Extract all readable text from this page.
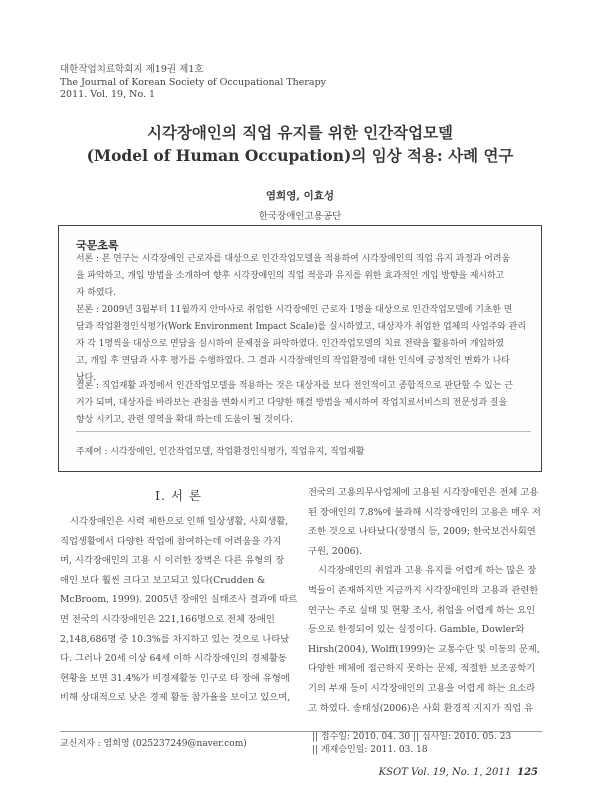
대한작업치료학회지 제19권 제1호
The Journal of Korean Society of Occupational Therapy
2011. Vol. 19, No. 1
시각장애인의 직업 유지를 위한 인간작업모델
(Model of Human Occupation)의 임상 적용: 사례 연구
염희영, 이효성
한국장애인고용공단
국문초록
서론 : 본 연구는 시각장애인 근로자를 대상으로 인간작업모델을 적용하여 시각장애인의 직업 유지 과정과 어려움
을 파악하고, 개입 방법을 소개하여 향후 시각장애인의 직업 적응과 유지를 위한 효과적인 개입 방향을 제시하고
자 하였다.
본론 : 2009년 3월부터 11월까지 안마사로 취업한 시각장애인 근로자 1명을 대상으로 인간작업모델에 기초한 면
담과 작업환경인식평가(Work Environment Impact Scale)를 실시하였고, 대상자가 취업한 업체의 사업주와 관리
자 각 1명씩을 대상으로 면담을 실시하여 문제점을 파악하였다. 인간작업모델의 치료 전략을 활용하여 개입하였
고, 개입 후 면담과 사후 평가를 수행하였다. 그 결과 시각장애인의 작업환경에 대한 인식에 긍정적인 변화가 나타
났다.
결론 : 직업재활 과정에서 인간작업모델을 적용하는 것은 대상자를 보다 전인적이고 종합적으로 판단할 수 있는 근
거가 되며, 대상자를 바라보는 관점을 변화시키고 다양한 해결 방법을 제시하여 작업치료서비스의 전문성과 질을
향상 시키고, 관련 영역을 확대 하는데 도움이 될 것이다.
주제어 : 시각장애인, 인간작업모델, 작업환경인식평가, 직업유지, 직업재활
Ⅰ. 서 론
시각장애인은 시력 제한으로 인해 일상생활, 사회생활,
직업생활에서 다양한 작업에 참여하는데 어려움을 가지
며, 시각장애인의 고용 시 이러한 장벽은 다른 유형의 장
애인 보다 훨씬 크다고 보고되고 있다(Crudden &
McBroom, 1999). 2005년 장애인 실태조사 결과에 따르
면 전국의 시각장애인은 221,166명으로 전체 장애인
2,148,686명 중 10.3%를 차지하고 있는 것으로 나타났
다. 그러나 20세 이상 64세 이하 시각장애인의 경제활동
현황을 보면 31.4%가 비경제활동 인구로 타 장애 유형에
비해 상대적으로 낮은 경제 활동 참가율을 보이고 있으며,
전국의 고용의무사업체에 고용된 시각장애인은 전체 고용
된 장애인의 7.8%에 불과해 시각장애인의 고용은 매우 저
조한 것으로 나타났다(장명식 등, 2009; 한국보건사회연
구원, 2006).
시각장애인의 취업과 고용 유지를 어렵게 하는 많은 장
벽들이 존재하지만 지금까지 시각장애인의 고용과 관련한
연구는 주로 실태 및 현황 조사, 취업을 어렵게 하는 요인
등으로 한정되어 있는 실정이다. Gamble, Dowler와
Hirsh(2004), Wolff(1999)는 교통수단 및 이동의 문제,
다양한 매체에 접근하지 못하는 문제, 적절한 보조공학기
기의 부재 등이 시각장애인의 고용을 어렵게 하는 요소라
고 하였다. 송태성(2006)은 사회 환경적 지지가 직업 유
교신저자 : 염희영 (025237249@naver.com)
|| 접수일: 2010. 04. 30 || 심사일: 2010. 05. 23
|| 게재승인일: 2011. 03. 18
KSOT Vol. 19, No. 1, 2011 125
